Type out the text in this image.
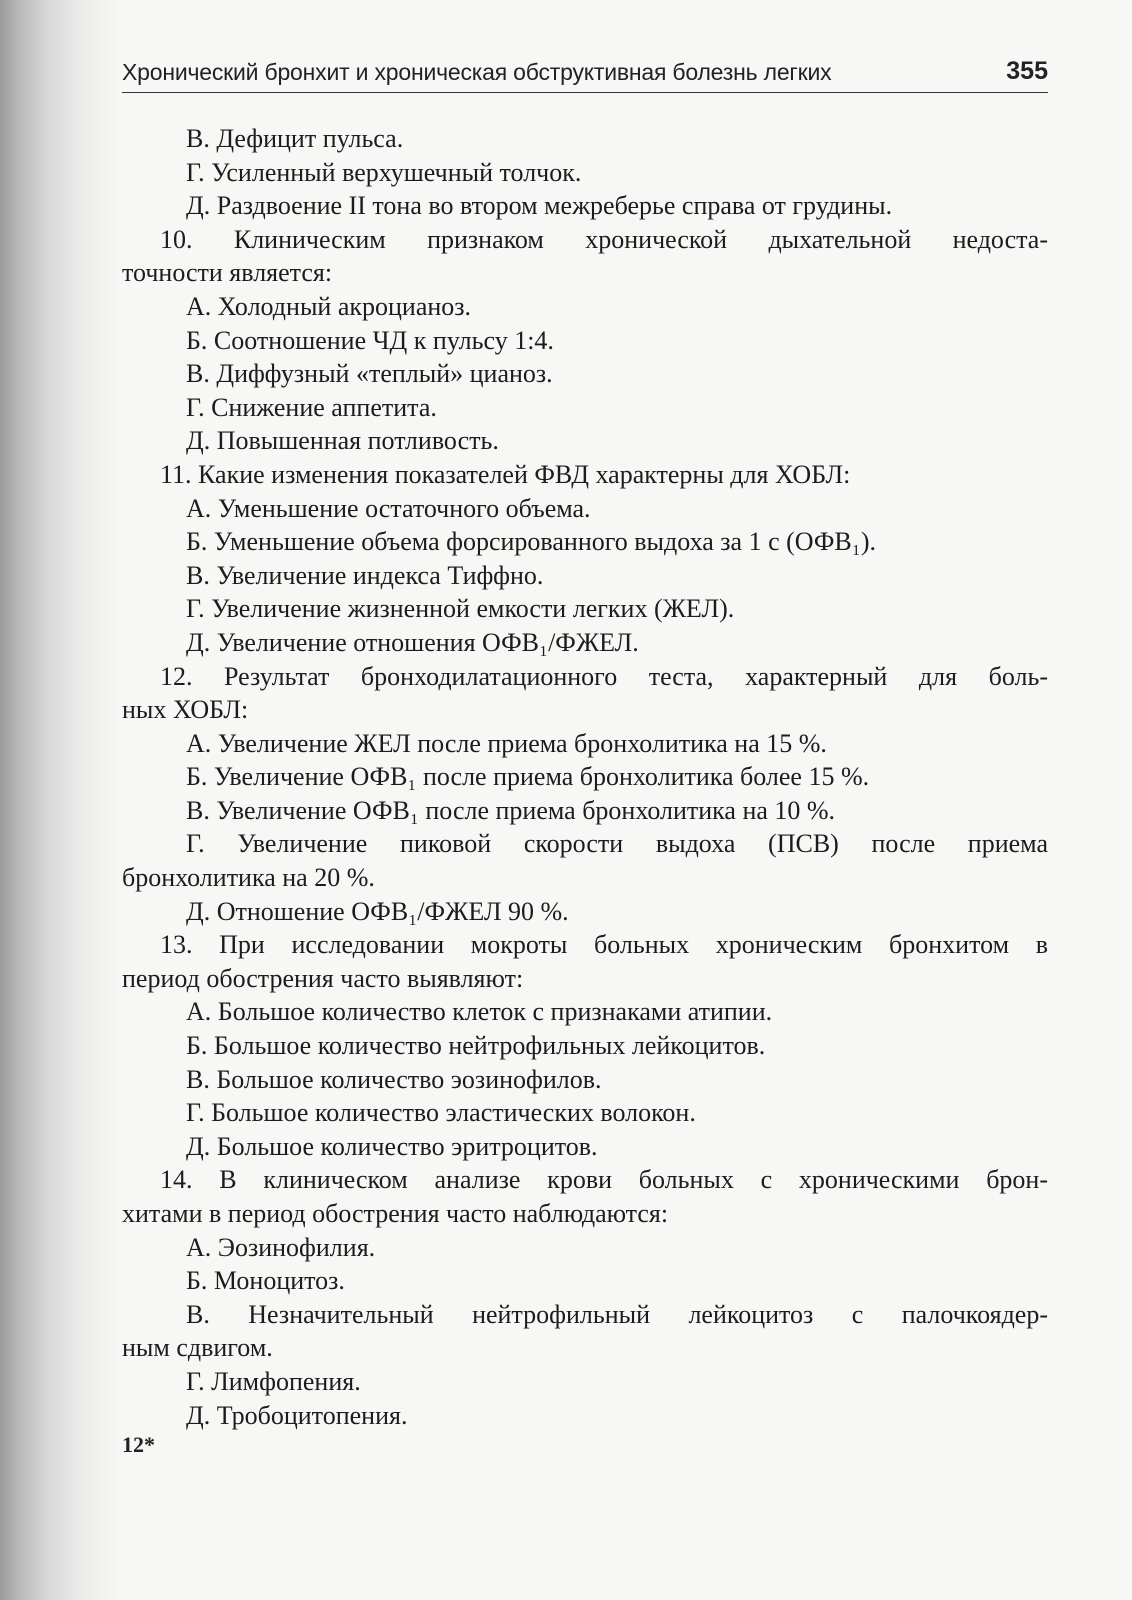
Хронический бронхит и хроническая обструктивная болезнь легких	355
В. Дефицит пульса.
Г. Усиленный верхушечный толчок.
Д. Раздвоение II тона во втором межреберье справа от грудины.
10. Клиническим признаком хронической дыхательной недоста-
точности является:
А. Холодный акроцианоз.
Б. Соотношение ЧД к пульсу 1:4.
В. Диффузный «теплый» цианоз.
Г. Снижение аппетита.
Д. Повышенная потливость.
11. Какие изменения показателей ФВД характерны для ХОБЛ:
А. Уменьшение остаточного объема.
Б. Уменьшение объема форсированного выдоха за 1 с (ОФВ₁).
В. Увеличение индекса Тиффно.
Г. Увеличение жизненной емкости легких (ЖЕЛ).
Д. Увеличение отношения ОФВ₁/ФЖЕЛ.
12. Результат бронходилатационного теста, характерный для боль-
ных ХОБЛ:
А. Увеличение ЖЕЛ после приема бронхолитика на 15 %.
Б. Увеличение ОФВ₁ после приема бронхолитика более 15 %.
В. Увеличение ОФВ₁ после приема бронхолитика на 10 %.
Г. Увеличение пиковой скорости выдоха (ПСВ) после приема
бронхолитика на 20 %.
Д. Отношение ОФВ₁/ФЖЕЛ 90 %.
13. При исследовании мокроты больных хроническим бронхитом в
период обострения часто выявляют:
А. Большое количество клеток с признаками атипии.
Б. Большое количество нейтрофильных лейкоцитов.
В. Большое количество эозинофилов.
Г. Большое количество эластических волокон.
Д. Большое количество эритроцитов.
14. В клиническом анализе крови больных с хроническими брон-
хитами в период обострения часто наблюдаются:
А. Эозинофилия.
Б. Моноцитоз.
В. Незначительный нейтрофильный лейкоцитоз с палочкоядер-
ным сдвигом.
Г. Лимфопения.
Д. Тробоцитопения.
12*
